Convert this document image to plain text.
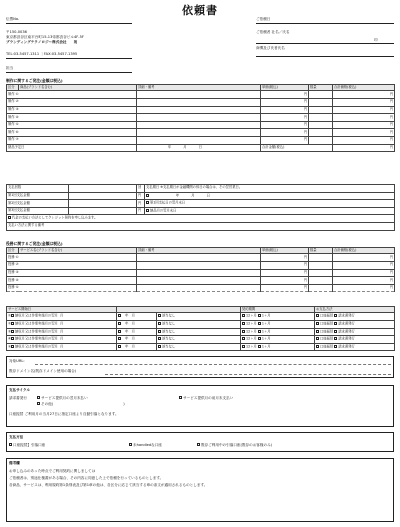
依頼書
伝票No.
〒150-0036
東京都渋谷区南平台町15-13帝都渋谷ビル4F-5F
ブランディングテクノロジー株式会社　　宛
TEL:03-5457-1311 ｜FAX:03-5457-1395
担当
ご依頼日
ご依頼者 社名／氏名
印
商慣及び氏者氏名
制作に関するご発注(金額は税込)
区分	商品(ブランド名含む)	詳細・備考	単価(税込)	数量	合計価格(税込)
制作 ①			円		円
制作 ②			円		円
制作 ③			円		円
制作 ④			円		円
制作 ⑤			円		円
制作 ⑥			円		円
制作 ⑦			円		円
納品予定日		年 月 日	合計金額(税込)		円
支払回数		回	支払期日 ※支払期日が金融機関の休日の場合は、その翌営業日。
第1回支払金額		円	年 月 日
第2回支払金額		円	第1回支払日の翌月末日
第3回支払金額		円	納品月の翌月末日
代金の支払い方法としてクレジット契約を申し込みます。			
支払い方法に関する備考			
役務に関するご発注(金額は税込)
区分	サービス名(ブランド名含む)	詳細・備考	単価(税込)	数量	合計価格(税込)
役務 ①			円		円
役務 ②			円		円
役務 ③			円		円
役務 ④			円		円
役務 ⑤			円		円
サービス開始日			契約期間	お支払方法
① 納収月又は作業実施月の翌月 月	年 月	該当なし	12ヶ月 1ヶ月	口座振替 請求書発行
② 納収月又は作業実施月の翌月 月	年 月	該当なし	12ヶ月 1ヶ月	口座振替 請求書発行
③ 納収月又は作業実施月の翌月 月	年 月	該当なし	12ヶ月 1ヶ月	口座振替 請求書発行
④ 納収月又は作業実施月の翌月 月	年 月	該当なし	12ヶ月 1ヶ月	口座振替 請求書発行
⑤ 納収月又は作業実施月の翌月 月	年 月	該当なし	12ヶ月 1ヶ月	口座振替 請求書発行
対象URL:
既存ドメイン名(既存ドメイン使用の場合)
支払サイクル
請求書発行	サービス提供月の翌月末払い	サービス提供月の前月末支払い
その他(	)
口座振替 ご利用月の当月27日に指定口座より自動引落となります。
支払方法
口座振替】引落口座	未handledな口座	既存ご利用中の引落口座(既存のお客様のみ)
備考欄
お申し込みのあった時点でご利用契約に関しましては
ご依頼者は、別途仕様書がある場合、その内容に同意した上で依頼を行っているものとします。
各商品、サービスは、利用規約第1条別表及び第1章の他は、各区分に応じて該当する章の条文が適用されるものとします。
